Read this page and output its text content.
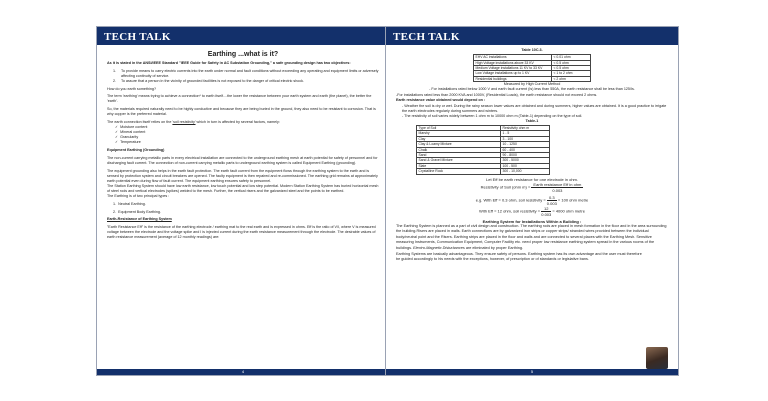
TECH TALK
Earthing ...what is it?

As it is stated in the ANSI/IEEE Standard "IEEE Guide for Safety in AC Substation Grounding," a safe grounding design has two objectives:

1.	To provide means to carry electric currents into the earth under normal and fault conditions without exceeding any operating and equipment limits or adversely affecting continuity of service.
2.	To assure that a person in the vicinity of grounded facilities is not exposed to the danger of critical electric shock.

How do you earth something?

The term 'earthing' means trying to achieve a connection* to earth itself....the lower the resistance between your earth system and earth (the planet), the better the 'earth'.

So, the materials required naturally need to be highly conductive and because they are being buried in the ground, they also need to be resistant to corrosion. That is why copper is the preferred material.

The earth connection itself relies on the 'soil resistivity' which in turn is affected by several factors, namely:

✓  Moisture content
✓  Mineral content
✓  Granularity
✓  Temperature

Equipment Earthing (Grounding)

The non-current carrying metallic parts in every electrical installation are connected to the underground earthing mesh at earth potential for safety of personnel and for discharging fault current. The connection of non-current carrying metallic parts to underground earthing system is called Equipment Earthing (grounding).

The equipment grounding also helps in the earth fault protection. The earth fault current from the equipment flows through the earthing system to the earth and is sensed by protection system and circuit breakers are opened. The faulty equipment is then repaired and re-commissioned. The earthing grid remains at approximately earth potential even during flow of fault current. The equipment earthing ensures safety to personnel.

The Station Earthing System should have low earth resistance, low touch potential and low step potential. Modern Station Earthing System has buried horizontal mesh of steel rods and vertical electrodes (spikes) welded to the mesh. Further, the vertical risers and the galvanized steel and the points to be earthed.

The Earthing is of two principal types :

1. Neutral Earthing.

2. Equipment Body Earthing.

Earth-Resistance of Earthing System

"Earth Resistance Eff" is the resistance of the earthing electrode / earthing mat to the real earth and is expressed in ohms. Eff is the ratio of V/I, where V is measured voltage between the electrode and the voltage spike and I is injected current during the earth resistance measurement through the electrode. The desirable values of earth resistance measurement (average of 12 monthly readings) are:

4
TECH TALK
Table 10C.3.
EHV AC installations	< 0.01 ohm
High Voltage installations above 33 KV	< 0.5 ohm
Medium Voltage installations 11 KV to 33 KV	< 0.5 ohm
Low Voltage installations up to 1 KV	< 1 to 2 ohm
Residential buildings	< 2 ohm
Measured by High Current Method

- For installations rated below 1000 V and earth fault current (Is) less than 550A, the earth resistance shall be less than 125/Is.

-For installations rated less than 2000 KVA and 1000V, (Residential Loads), the earth resistance should not exceed 2 ohms.

Earth resistance value obtained would depend on :
- Weather the soil is dry or wet. During the rainy season lower values are obtained and during summers, higher values are obtained. It is a good practice to irrigate the earth electrodes regularly during summers and winters.
- The resistivity of soil varies widely between 1 ohm m to 10000 ohm m (Table-1) depending on the type of soil.
Table-1
Type of Soil	Resistivity ohm m
Marshy	1 - 5
Clay	3 - 100
Clay & Loamy Mixture	10 - 1250
Chalk	60 - 400
Sand	90 - 8000
Sand & Gravel Mixture	300 - 5000
Slate	100 - 500
Crystalline Rock	300 - 10,000
Let Eff be earth resistance for one electrode in ohm.
Resistivity of Soil (ohm $m) = \frac{\text{Earth resistance Eff in ohm}}{0.003}$
e.g. With Eff = 0.3 ohm, soil resistivity = $\frac{0.3}{0.003} = 100$ ohm metre
With Eff = 12 ohm, soil resistivity = $\frac{12}{0.003} = 4000$ ohm metre
Earthing System for Installations Within a Building :

The Earthing System is planned as a part of civil design and construction. The earthing rods are placed in mesh formation in the floor and in the area surrounding the building.Risers are placed in walls. Earth connections are by galvanized iron strips or copper strips/ stranded wires provided between the individual body/neutral point and the Risers. Earthing strips are placed in the floor and walls and are connected to several places with the Earthing Mesh. Sensitive measuring Instruments, Communication Equipment, Computer Facility etc. need proper low resistance earthing system spread in the various rooms of the buildings. Electro-Magnetic Disturbances are eliminated by proper Earthing.

Earthing Systems are basically advantageous. They ensure safety of persons. Earthing system has its own advantage and the user must therefore be guided accordingly to his needs with the exceptions, however, of prescription or of standards or legislative bans.

5
